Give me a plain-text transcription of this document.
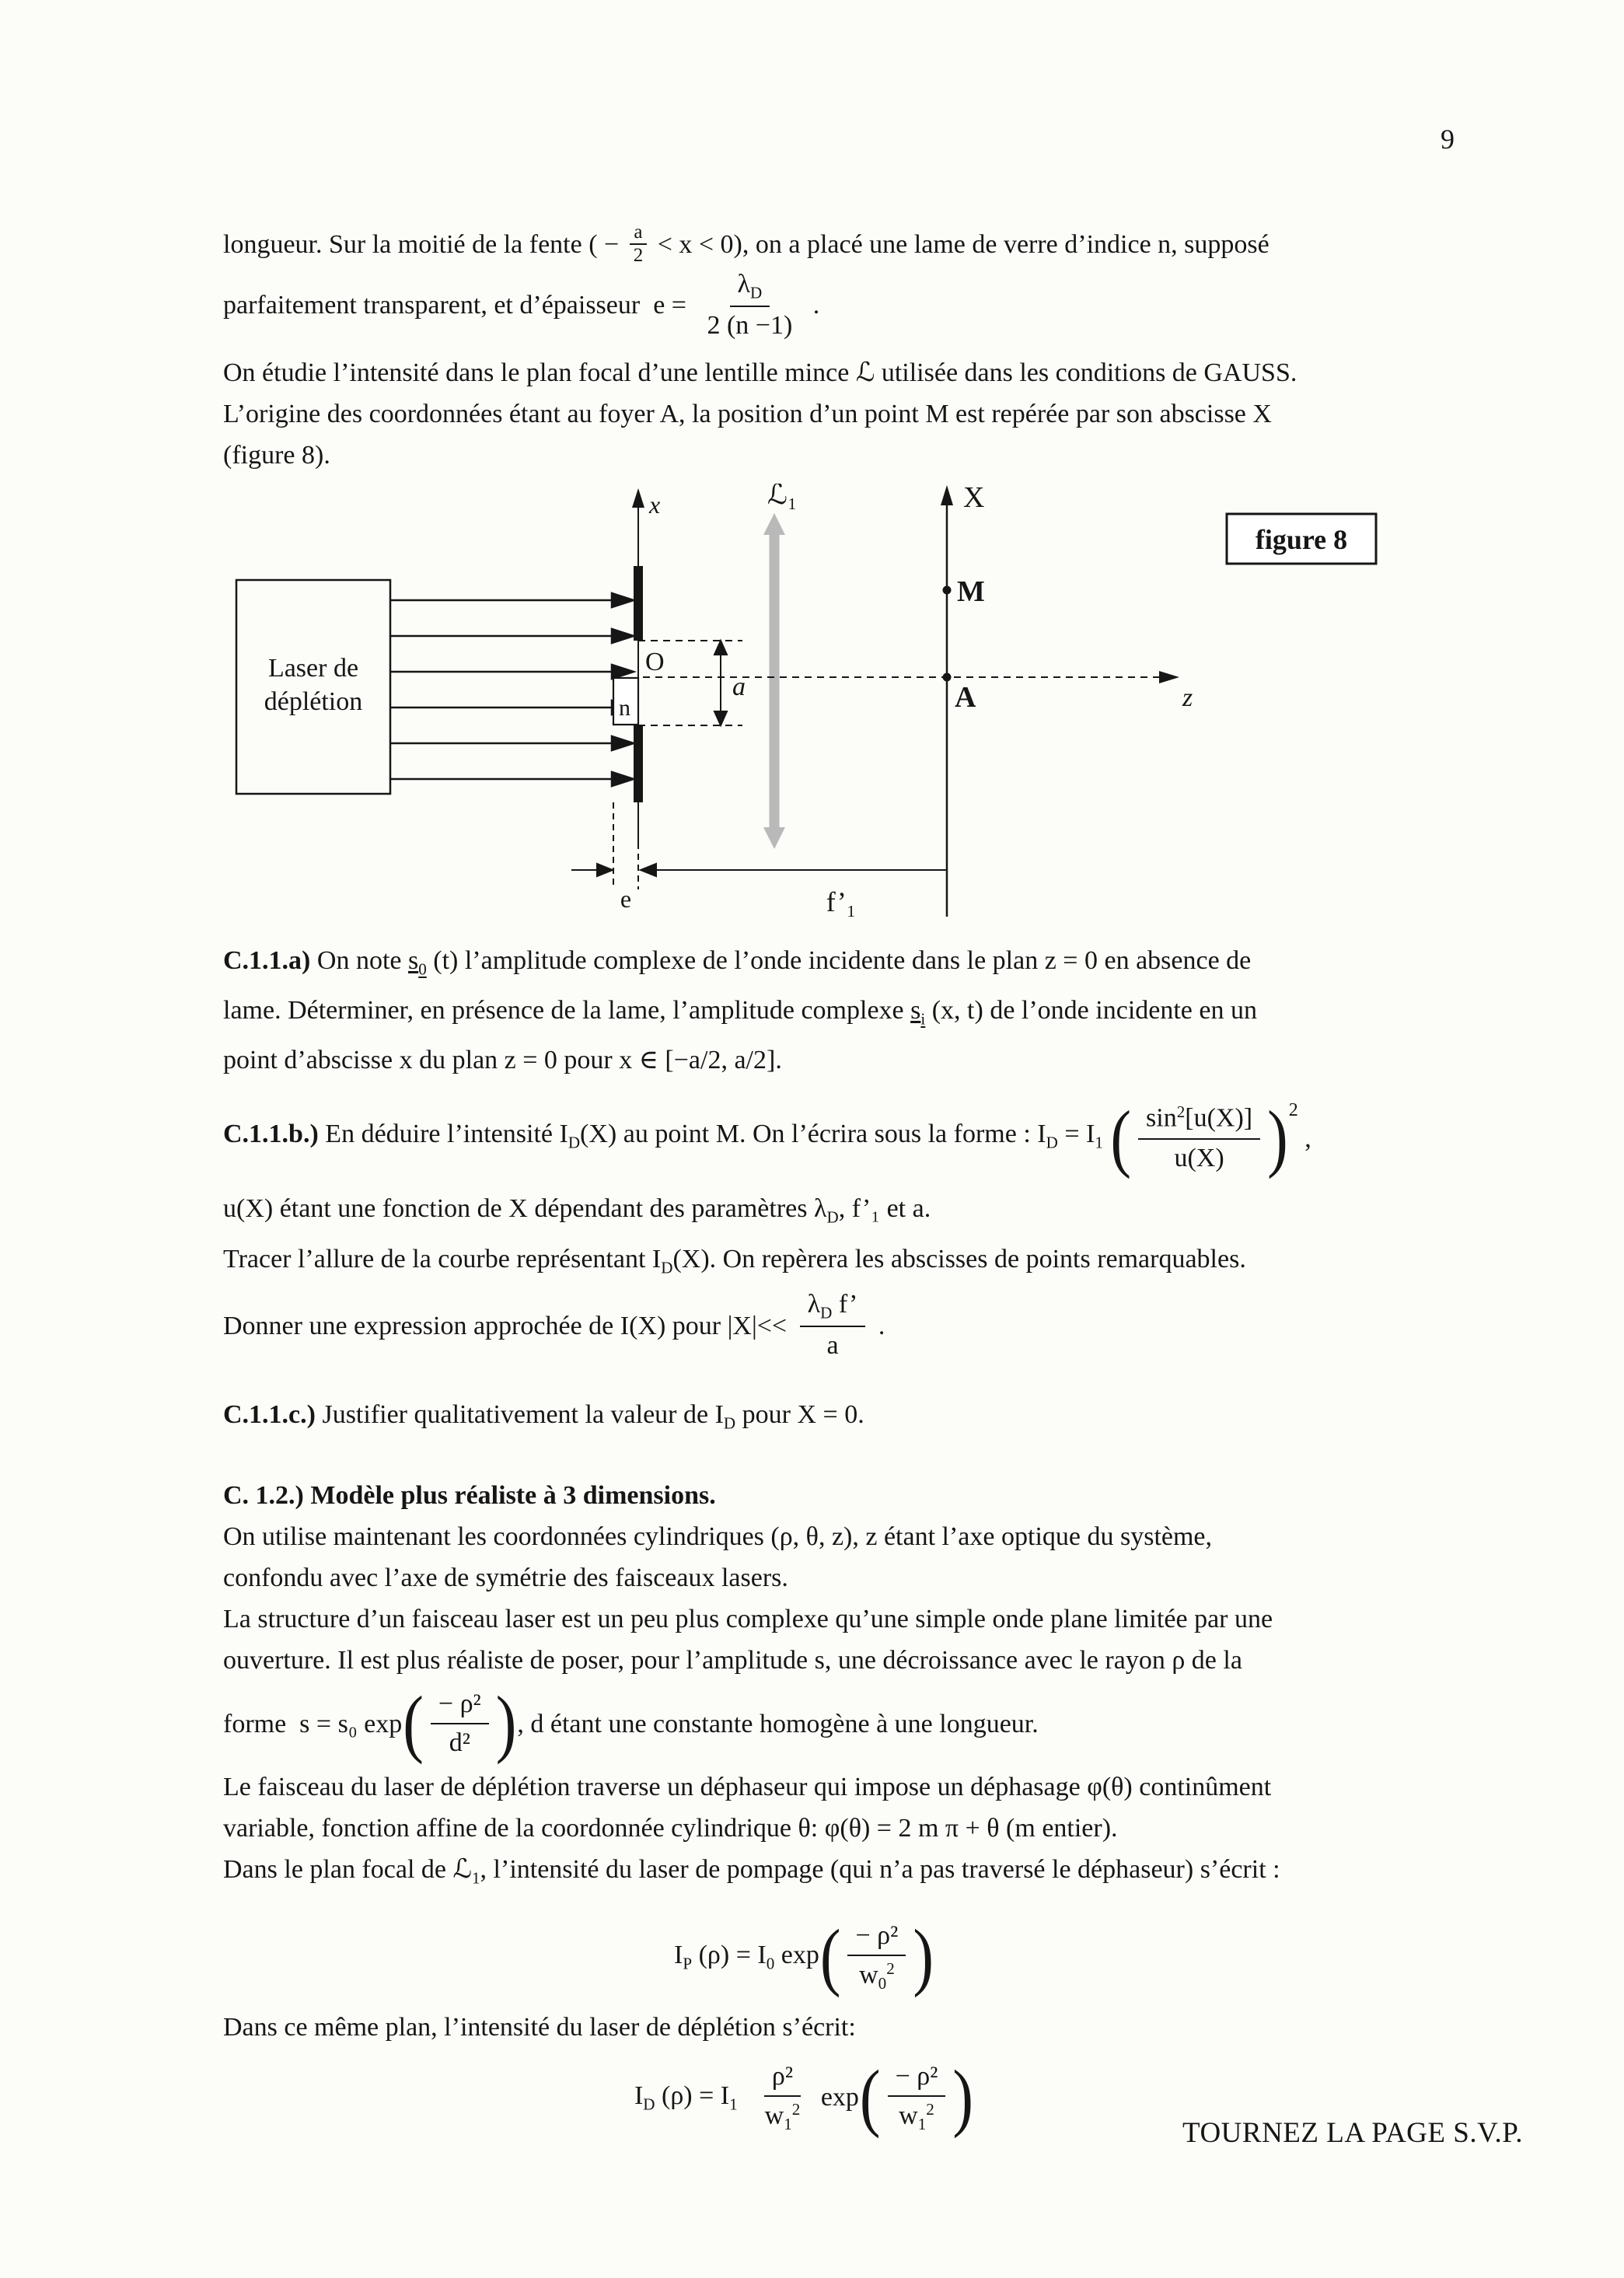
9
longueur. Sur la moitié de la fente ( − $\frac{a}{2} < x < 0$), on a placé une lame de verre d’indice n, supposé
parfaitement transparent, et d’épaisseur  $e = \frac{\lambda_D}{2 (n -1)}$ .
On étudie l’intensité dans le plan focal d’une lentille mince ℒ utilisée dans les conditions de GAUSS.
L’origine des coordonnées étant au foyer A, la position d’un point M est repérée par son abscisse X
(figure 8).
Laser de
déplétion
x
O
n
a
ℒ₁
z
X
M
A
e	f’₁
figure 8
C.1.1.a) On note $s_0$ (t) l’amplitude complexe de l’onde incidente dans le plan z = 0 en absence de
lame. Déterminer, en présence de la lame, l’amplitude complexe $s_i$ (x, t) de l’onde incidente en un
point d’abscisse x du plan z = 0 pour x ∈ [−a/2, a/2].
C.1.1.b.) En déduire l’intensité $I_D(X)$ au point M. On l’écrira sous la forme : $I_D = I_1$ ( $\frac{\sin^2[u(X)]}{u(X)}$ ) 2
,
u(X) étant une fonction de X dépendant des paramètres $\lambda_D$, f’₁ et a.
Tracer l’allure de la courbe représentant $I_D(X)$. On repèrera les abscisses de points remarquables.
Donner une expression approchée de I(X) pour $|X|<< \frac{\lambda_D f’}{a}$ .
C.1.1.c.) Justifier qualitativement la valeur de $I_D$ pour X = 0.
C. 1.2.) Modèle plus réaliste à 3 dimensions.
On utilise maintenant les coordonnées cylindriques (ρ, θ, z), z étant l’axe optique du système,
confondu avec l’axe de symétrie des faisceaux lasers.
La structure d’un faisceau laser est un peu plus complexe qu’une simple onde plane limitée par une
ouverture. Il est plus réaliste de poser, pour l’amplitude s, une décroissance avec le rayon ρ de la
forme  s = s₀ exp ( $\frac{\text{− ρ²}}{\text{d²}}$ ) , d étant une constante homogène à une longueur.
Le faisceau du laser de déplétion traverse un déphaseur qui impose un déphasage φ(θ) continûment
variable, fonction affine de la coordonnée cylindrique θ: φ(θ) = 2 m π + θ (m entier).
Dans le plan focal de ℒ$_1$, l’intensité du laser de pompage (qui n’a pas traversé le déphaseur) s’écrit :
$I_P$ $(\rho) = I_0$ exp ( $\frac{\text{− ρ²}}{w_0^2}$ )
Dans ce même plan, l’intensité du laser de déplétion s’écrit:
$I_D$ $(\rho) = I_1 \frac{\text{ρ²}}{w_1^2}$ exp ( $\frac{\text{− ρ²}}{w_1^2}$ )	TOURNEZ LA PAGE S.V.P.
